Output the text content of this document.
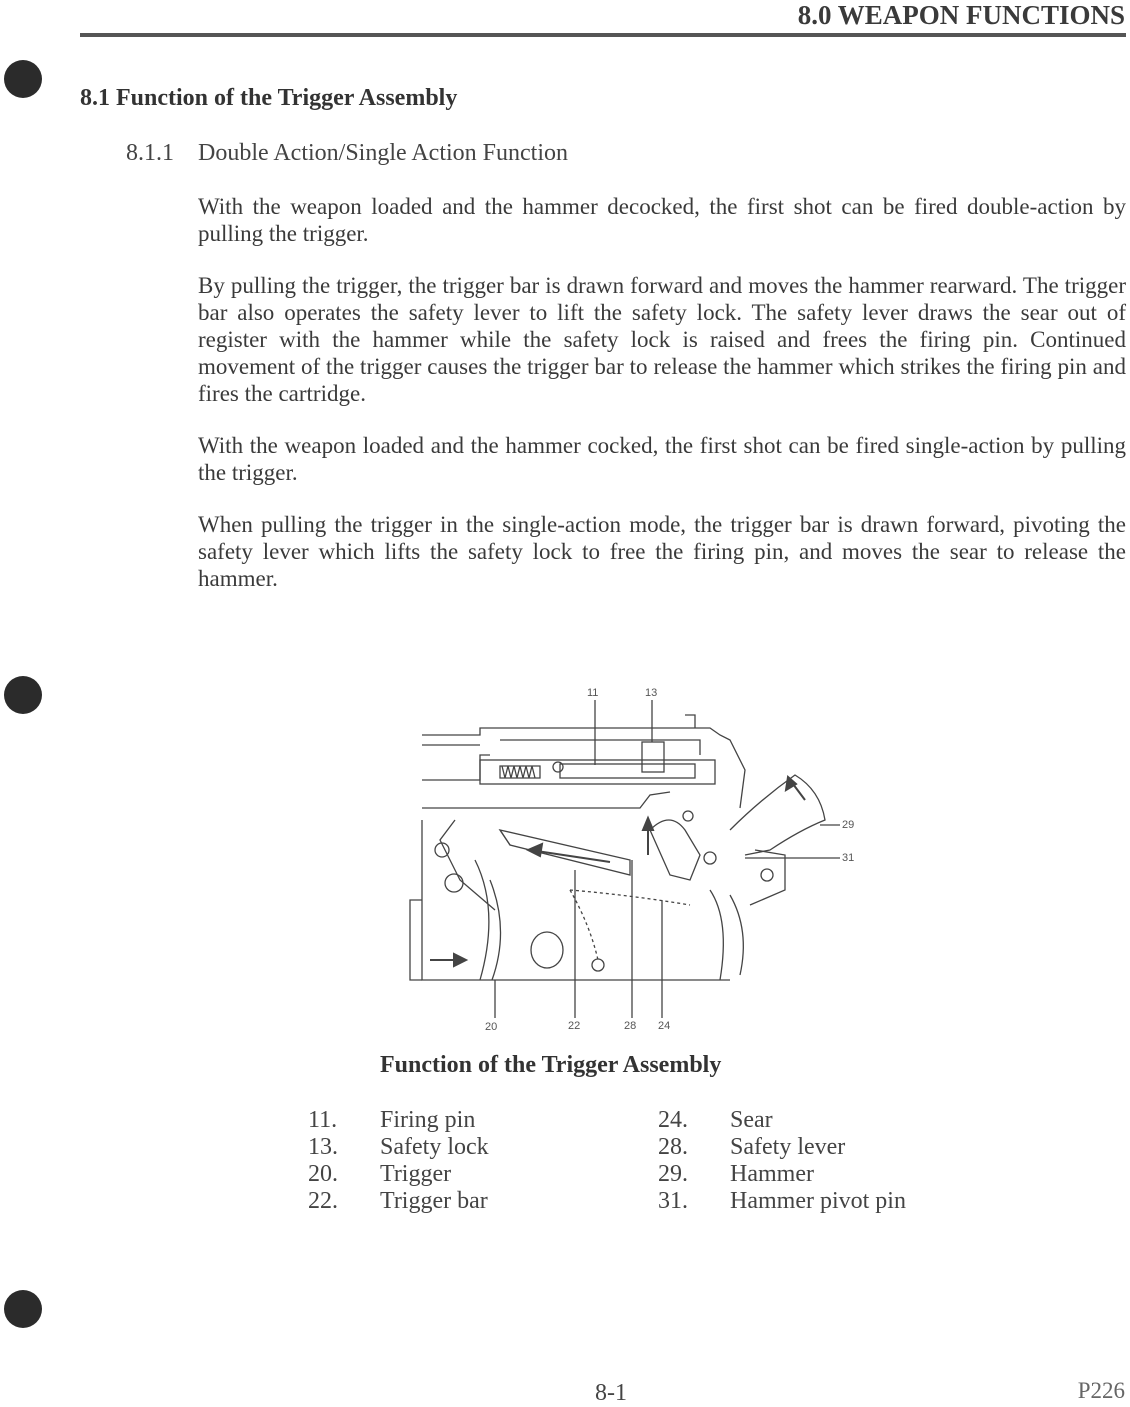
8.0 WEAPON FUNCTIONS
8.1 Function of the Trigger Assembly
8.1.1 Double Action/Single Action Function

With the weapon loaded and the hammer decocked, the first shot can be fired double-action by pulling the trigger.

By pulling the trigger, the trigger bar is drawn forward and moves the hammer rearward. The trigger bar also operates the safety lever to lift the safety lock. The safety lever draws the sear out of register with the hammer while the safety lock is raised and frees the firing pin. Continued movement of the trigger causes the trigger bar to release the hammer which strikes the firing pin and fires the cartridge.

With the weapon loaded and the hammer cocked, the first shot can be fired single-action by pulling the trigger.

When pulling the trigger in the single-action mode, the trigger bar is drawn forward, pivoting the safety lever which lifts the safety lock to free the firing pin, and moves the sear to release the hammer.

11	13
29
31
20	22	28 24
Function of the Trigger Assembly
11.	Firing pin
13.	Safety lock
20.	Trigger
22.	Trigger bar
24.	Sear
28.	Safety lever
29.	Hammer
31.	Hammer pivot pin
8-1	P226
